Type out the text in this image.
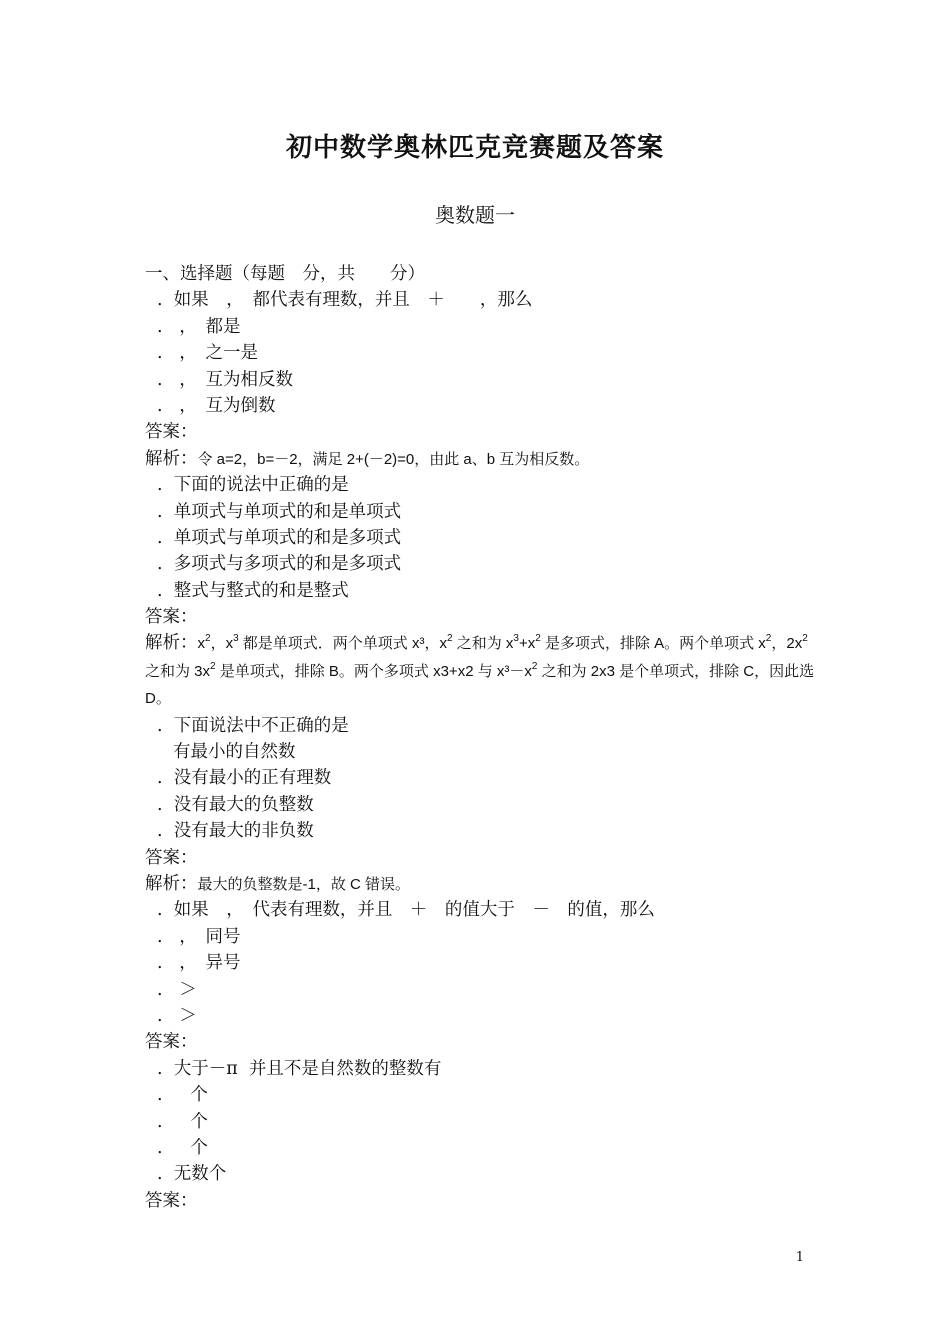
初中数学奥林匹克竞赛题及答案
奥数题一
一、选择题（每题　分，共　　分）
.  如果　，　都代表有理数，并且　＋　　，那么
.   ，　都是
.   ，　之一是
.   ，　互为相反数
.   ，　互为倒数
答案：
解析：令 a=2，b=－2，满足 2+(－2)=0，由此 a、b 互为相反数。
.  下面的说法中正确的是
.  单项式与单项式的和是单项式
.  单项式与单项式的和是多项式
.  多项式与多项式的和是多项式
.  整式与整式的和是整式
答案：
解析：$x^2$，$x^3$ 都是单项式．两个单项式 x³，$x^2$ 之和为 $x^3+x^2$ 是多项式，排除 A。两个单项式 $x^2$，$2x^2$ 之和为 $3x^2$ 是单项式，排除 B。两个多项式 x3+x2 与 $x^3-x^2$ 之和为 2x3 是个单项式，排除 C，因此选 D。
.  下面说法中不正确的是
有最小的自然数
.  没有最小的正有理数
.  没有最大的负整数
.  没有最大的非负数
答案：
解析：最大的负整数是-1，故 C 错误。
.  如果　，　代表有理数，并且　＋　的值大于　－　的值，那么
.   ，　同号
.   ，　异号
.   ＞
.   ＞
答案：
.  大于－π  并且不是自然数的整数有
.     个
.     个
.     个
.  无数个
答案：
1
